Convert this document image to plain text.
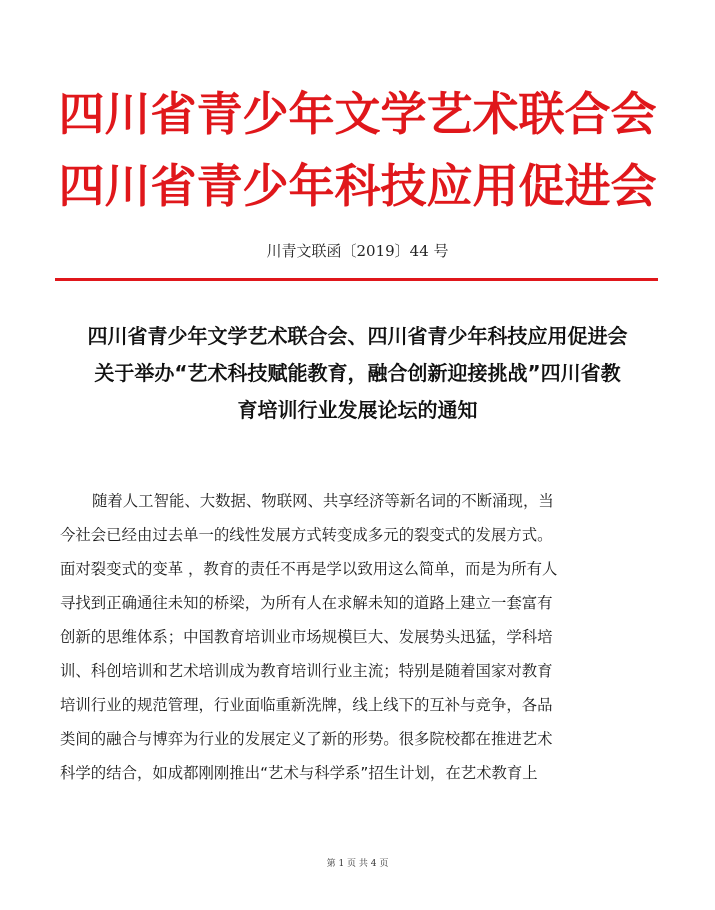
四川省青少年文学艺术联合会
四川省青少年科技应用促进会
川青文联函〔2019〕44 号
四川省青少年文学艺术联合会、四川省青少年科技应用促进会
关于举办“艺术科技赋能教育，融合创新迎接挑战”四川省教
育培训行业发展论坛的通知
随着人工智能、大数据、物联网、共享经济等新名词的不断涌现，当
今社会已经由过去单一的线性发展方式转变成多元的裂变式的发展方式。
面对裂变式的变革 ，教育的责任不再是学以致用这么简单，而是为所有人
寻找到正确通往未知的桥梁，为所有人在求解未知的道路上建立一套富有
创新的思维体系；中国教育培训业市场规模巨大、发展势头迅猛，学科培
训、科创培训和艺术培训成为教育培训行业主流；特别是随着国家对教育
培训行业的规范管理，行业面临重新洗牌，线上线下的互补与竞争，各品
类间的融合与博弈为行业的发展定义了新的形势。很多院校都在推进艺术
科学的结合，如成都刚刚推出“艺术与科学系”招生计划，在艺术教育上
第 1 页 共 4 页
